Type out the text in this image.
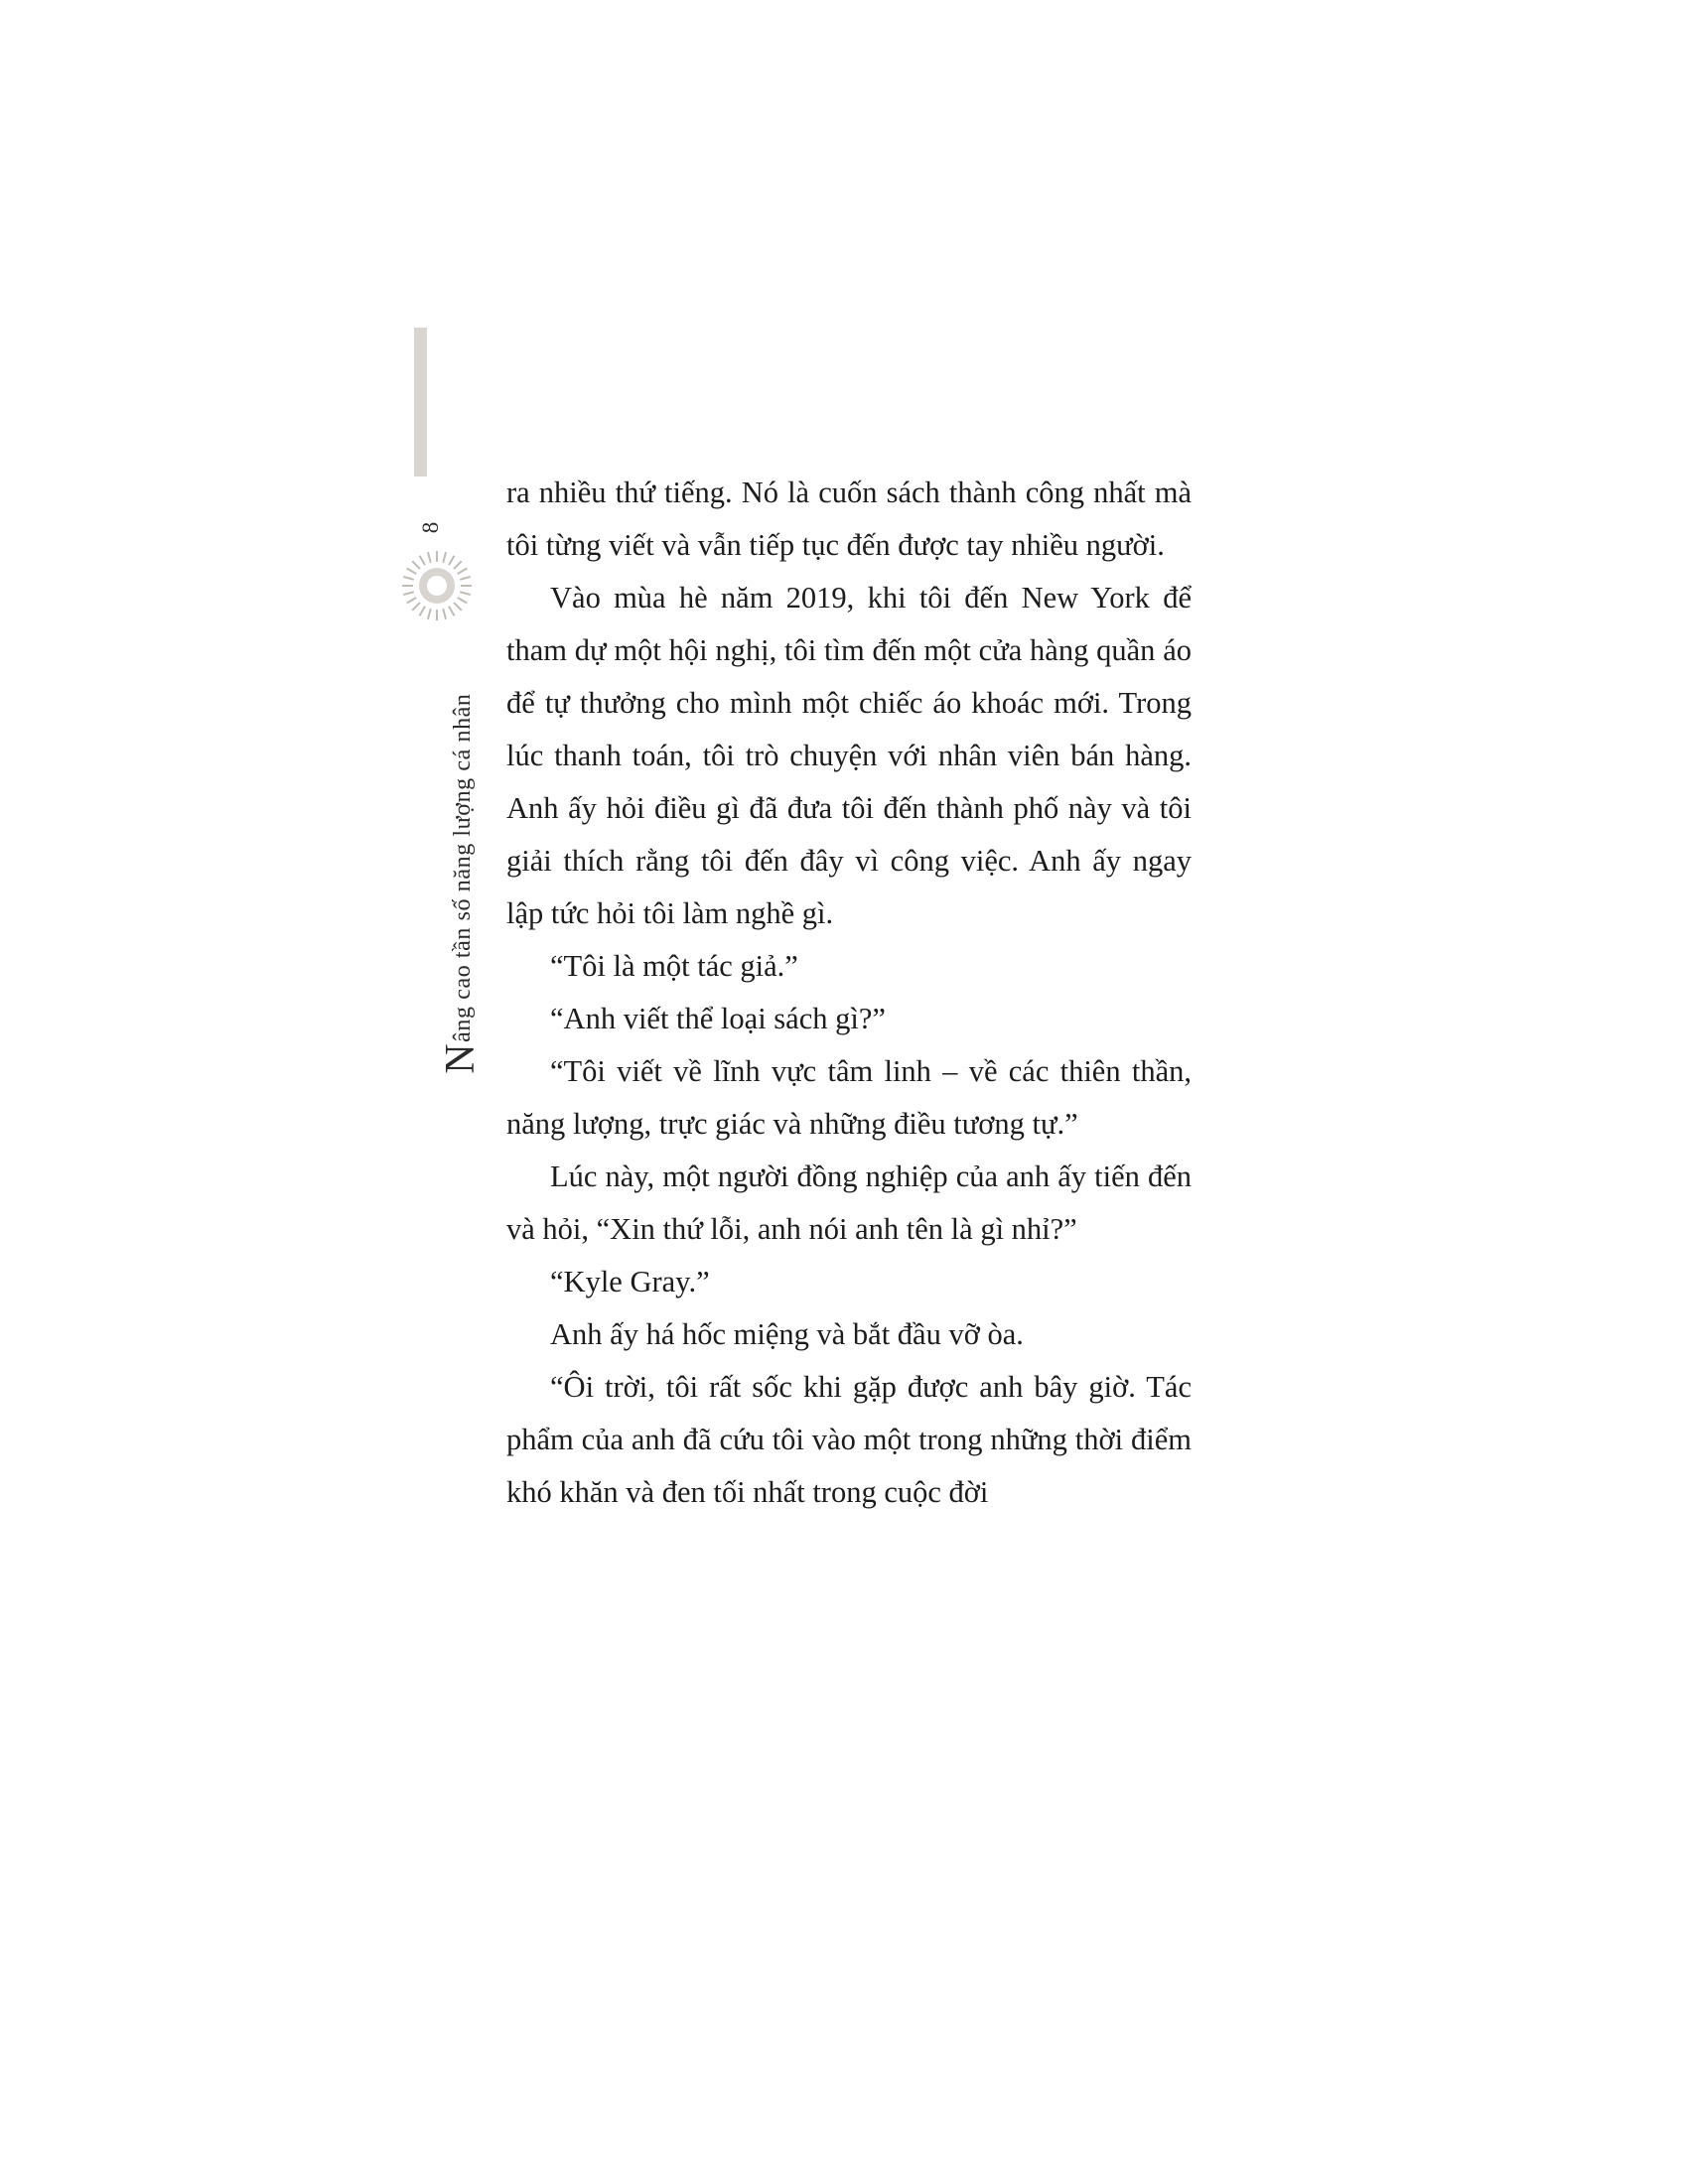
8
Nâng cao tần số năng lượng cá nhân

ra nhiều thứ tiếng. Nó là cuốn sách thành công nhất mà tôi từng viết và vẫn tiếp tục đến được tay nhiều người.

Vào mùa hè năm 2019, khi tôi đến New York để tham dự một hội nghị, tôi tìm đến một cửa hàng quần áo để tự thưởng cho mình một chiếc áo khoác mới. Trong lúc thanh toán, tôi trò chuyện với nhân viên bán hàng. Anh ấy hỏi điều gì đã đưa tôi đến thành phố này và tôi giải thích rằng tôi đến đây vì công việc. Anh ấy ngay lập tức hỏi tôi làm nghề gì.

“Tôi là một tác giả.”

“Anh viết thể loại sách gì?”

“Tôi viết về lĩnh vực tâm linh – về các thiên thần, năng lượng, trực giác và những điều tương tự.”

Lúc này, một người đồng nghiệp của anh ấy tiến đến và hỏi, “Xin thứ lỗi, anh nói anh tên là gì nhỉ?”

“Kyle Gray.”

Anh ấy há hốc miệng và bắt đầu vỡ òa.

“Ôi trời, tôi rất sốc khi gặp được anh bây giờ. Tác phẩm của anh đã cứu tôi vào một trong những thời điểm khó khăn và đen tối nhất trong cuộc đời
